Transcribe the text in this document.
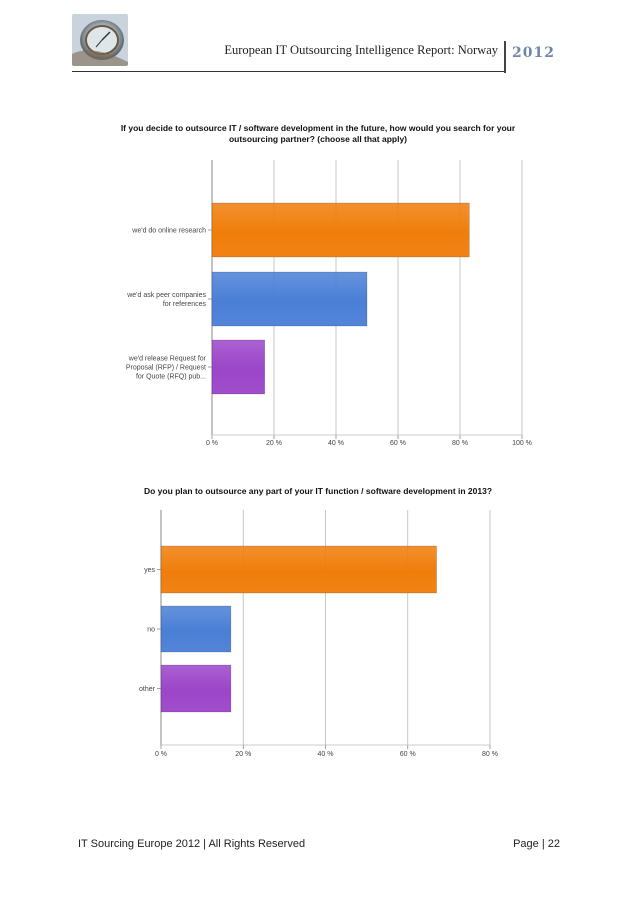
European IT Outsourcing Intelligence Report: Norway 2012
If you decide to outsource IT / software development in the future, how would you search for your
outsourcing partner? (choose all that apply)
0 %	20 %	40 %	60 %	80 %	100 %
we'd do online research
we'd ask peer companies
for references
we'd release Request for
Proposal (RFP) / Request
for Quote (RFQ) pub...
Do you plan to outsource any part of your IT function / software development in 2013?
0 %	20 %	40 %	60 %	80 %
yes
no
other
IT Sourcing Europe 2012 | All Rights Reserved	Page | 22
